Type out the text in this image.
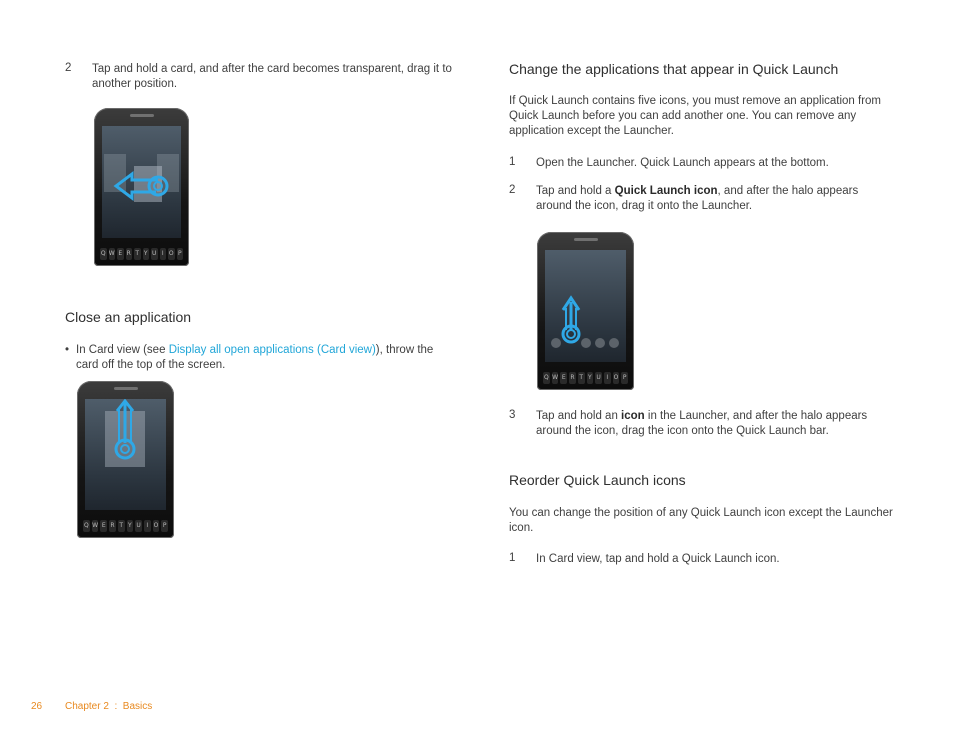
2 Tap and hold a card, and after the card becomes transparent, drag it to another position.
Q W E R T Y U I O P
Close an application
• In Card view (see Display all open applications (Card view)), throw the card off the top of the screen.
Q W E R T Y U I O P
Change the applications that appear in Quick Launch
If Quick Launch contains five icons, you must remove an application from Quick Launch before you can add another one. You can remove any application except the Launcher.
1 Open the Launcher. Quick Launch appears at the bottom.
2 Tap and hold a Quick Launch icon, and after the halo appears around the icon, drag it onto the Launcher.
Q W E R T Y U I O P
3 Tap and hold an icon in the Launcher, and after the halo appears around the icon, drag the icon onto the Quick Launch bar.
Reorder Quick Launch icons
You can change the position of any Quick Launch icon except the Launcher icon.
1 In Card view, tap and hold a Quick Launch icon.
26 Chapter 2  :  Basics
